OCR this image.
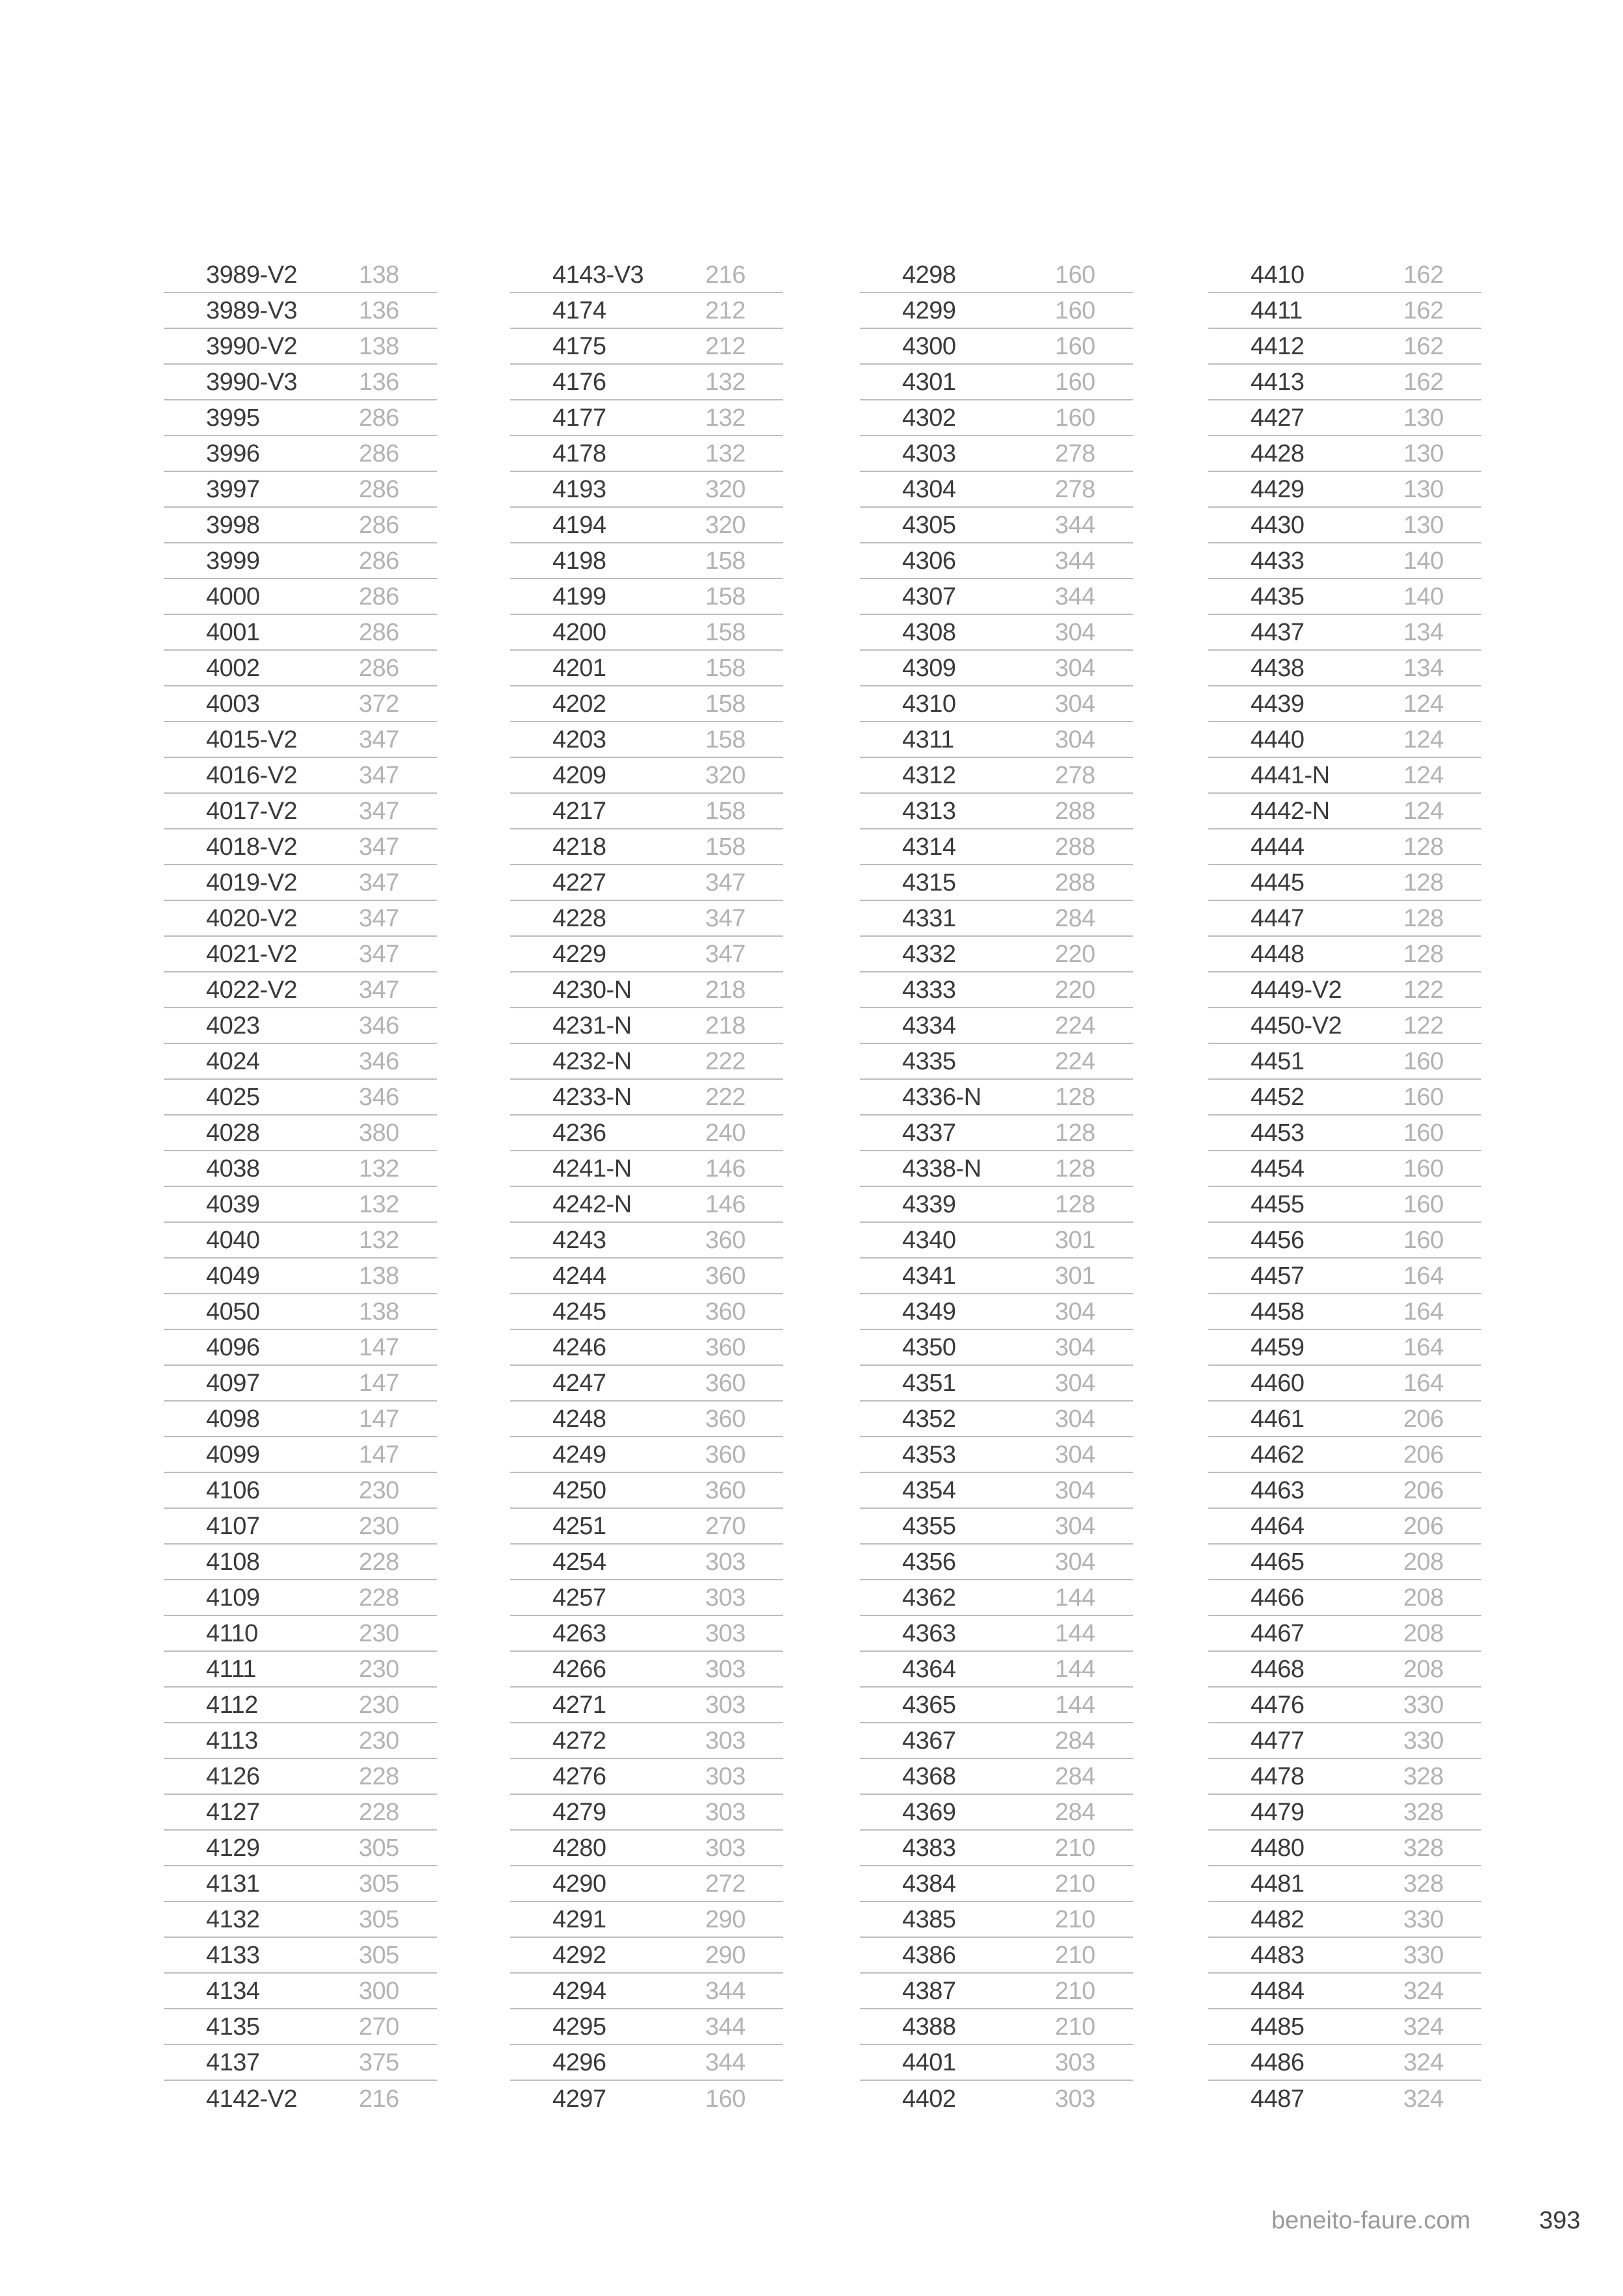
3989-V2 138
3989-V3 136
3990-V2 138
3990-V3 136
3995	286
3996	286
3997	286
3998	286
3999	286
4000	286
4001	286
4002	286
4003	372
4015-V2 347
4016-V2 347
4017-V2 347
4018-V2 347
4019-V2 347
4020-V2 347
4021-V2 347
4022-V2 347
4023	346
4024	346
4025	346
4028	380
4038	132
4039	132
4040	132
4049	138
4050	138
4096	147
4097	147
4098	147
4099	147
4106	230
4107	230
4108	228
4109	228
4110	230
4111	230
4112	230
4113	230
4126	228
4127	228
4129	305
4131	305
4132	305
4133	305
4134	300
4135	270
4137	375
4142-V2 216
4143-V3 216
4174	212
4175	212
4176	132
4177	132
4178	132
4193	320
4194	320
4198	158
4199	158
4200	158
4201	158
4202	158
4203	158
4209	320
4217	158
4218	158
4227	347
4228	347
4229	347
4230-N	218
4231-N	218
4232-N	222
4233-N	222
4236	240
4241-N	146
4242-N	146
4243	360
4244	360
4245	360
4246	360
4247	360
4248	360
4249	360
4250	360
4251	270
4254	303
4257	303
4263	303
4266	303
4271	303
4272	303
4276	303
4279	303
4280	303
4290	272
4291	290
4292	290
4294	344
4295	344
4296	344
4297	160
4298	160
4299	160
4300	160
4301	160
4302	160
4303	278
4304	278
4305	344
4306	344
4307	344
4308	304
4309	304
4310	304
4311	304
4312	278
4313	288
4314	288
4315	288
4331	284
4332	220
4333	220
4334	224
4335	224
4336-N	128
4337	128
4338-N	128
4339	128
4340	301
4341	301
4349	304
4350	304
4351	304
4352	304
4353	304
4354	304
4355	304
4356	304
4362	144
4363	144
4364	144
4365	144
4367	284
4368	284
4369	284
4383	210
4384	210
4385	210
4386	210
4387	210
4388	210
4401	303
4402	303
4410	162
4411	162
4412	162
4413	162
4427	130
4428	130
4429	130
4430	130
4433	140
4435	140
4437	134
4438	134
4439	124
4440	124
4441-N	124
4442-N	124
4444	128
4445	128
4447	128
4448	128
4449-V2 122
4450-V2 122
4451	160
4452	160
4453	160
4454	160
4455	160
4456	160
4457	164
4458	164
4459	164
4460	164
4461	206
4462	206
4463	206
4464	206
4465	208
4466	208
4467	208
4468	208
4476	330
4477	330
4478	328
4479	328
4480	328
4481	328
4482	330
4483	330
4484	324
4485	324
4486	324
4487	324
beneito-faure.com	393
